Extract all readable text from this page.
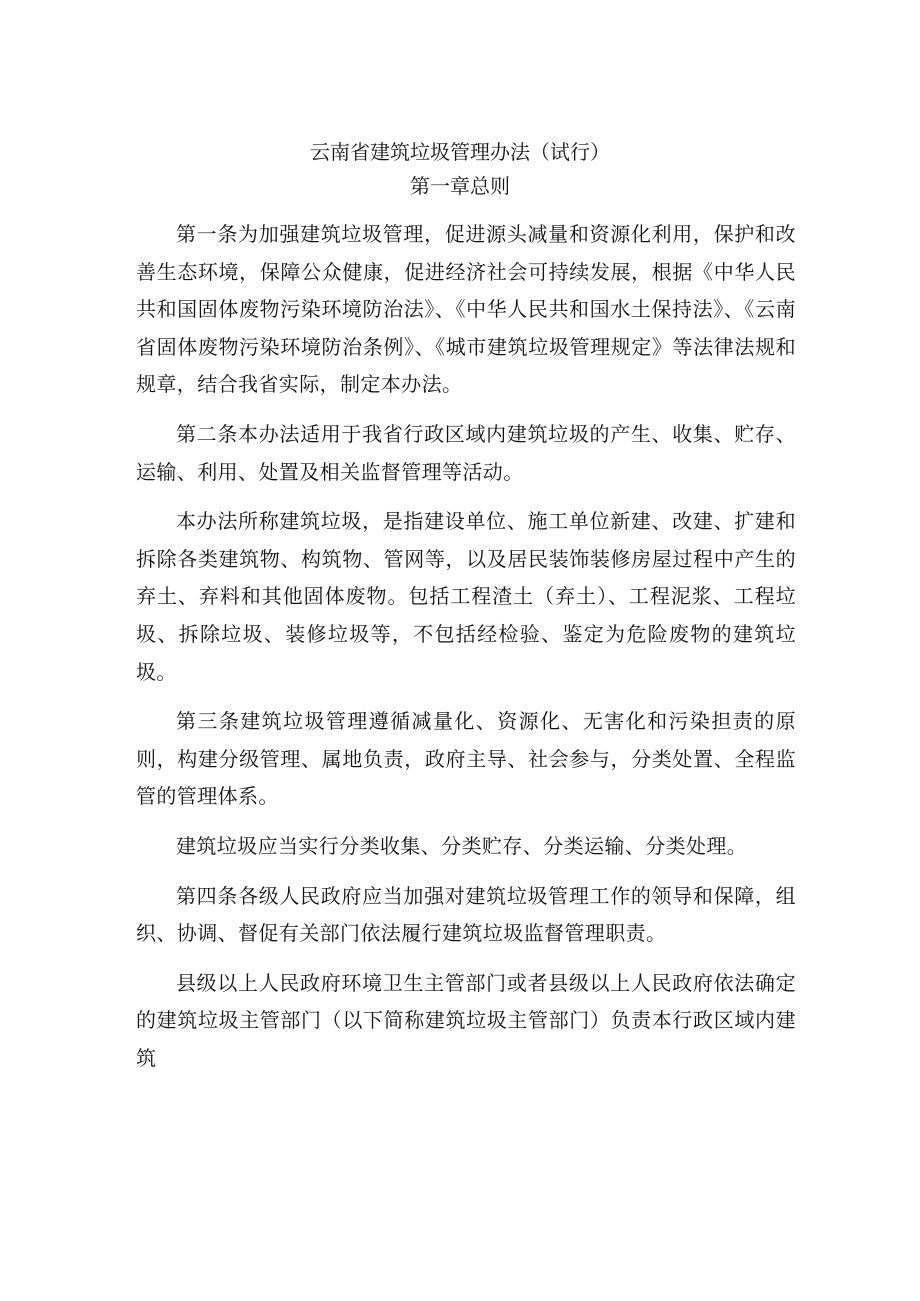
云南省建筑垃圾管理办法（试行）
第一章总则

第一条为加强建筑垃圾管理，促进源头减量和资源化利用，保护和改善生态环境，保障公众健康，促进经济社会可持续发展，根据《中华人民共和国固体废物污染环境防治法》、《中华人民共和国水土保持法》、《云南省固体废物污染环境防治条例》、《城市建筑垃圾管理规定》等法律法规和规章，结合我省实际，制定本办法。

第二条本办法适用于我省行政区域内建筑垃圾的产生、收集、贮存、运输、利用、处置及相关监督管理等活动。

本办法所称建筑垃圾，是指建设单位、施工单位新建、改建、扩建和拆除各类建筑物、构筑物、管网等，以及居民装饰装修房屋过程中产生的弃土、弃料和其他固体废物。包括工程渣土（弃土）、工程泥浆、工程垃圾、拆除垃圾、装修垃圾等，不包括经检验、鉴定为危险废物的建筑垃圾。

第三条建筑垃圾管理遵循减量化、资源化、无害化和污染担责的原则，构建分级管理、属地负责，政府主导、社会参与，分类处置、全程监管的管理体系。

建筑垃圾应当实行分类收集、分类贮存、分类运输、分类处理。

第四条各级人民政府应当加强对建筑垃圾管理工作的领导和保障，组织、协调、督促有关部门依法履行建筑垃圾监督管理职责。

县级以上人民政府环境卫生主管部门或者县级以上人民政府依法确定的建筑垃圾主管部门（以下简称建筑垃圾主管部门）负责本行政区域内建筑
